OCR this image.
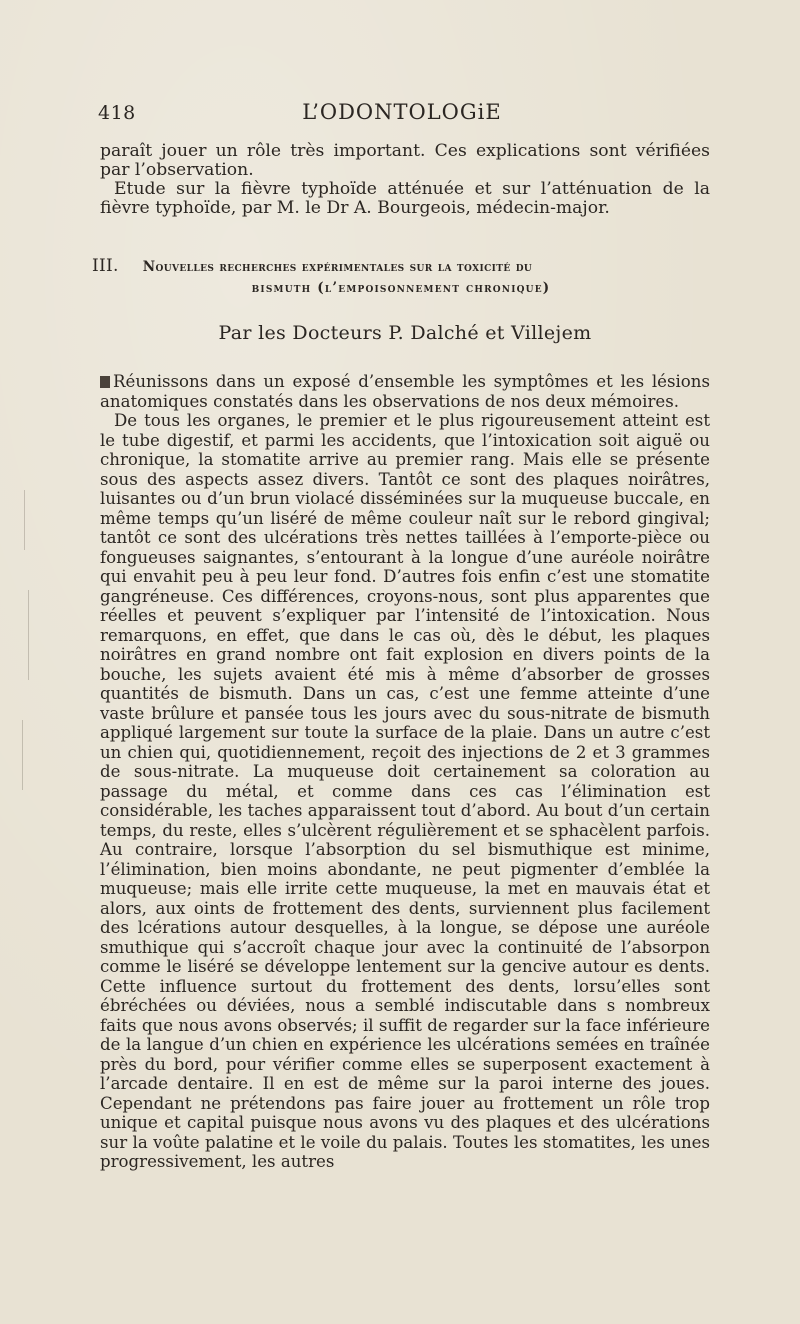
418	L’ODONTOLOGiE

paraît jouer un rôle très important. Ces explications sont vérifiées par l’observation.

Etude sur la fièvre typhoïde atténuée et sur l’atténuation de la fièvre typhoïde, par M. le Dr A. Bourgeois, médecin-major.

III. Nouvelles recherches expérimentales sur la toxicité du
bismuth (l’empoisonnement chronique)
Par les Docteurs P. Dalché et Villejem

Réunissons dans un exposé d’ensemble les symptômes et les lésions anatomiques constatés dans les observations de nos deux mémoires.

De tous les organes, le premier et le plus rigoureusement atteint est le tube digestif, et parmi les accidents, que l’intoxication soit aiguë ou chronique, la stomatite arrive au premier rang. Mais elle se présente sous des aspects assez divers. Tantôt ce sont des plaques noirâtres, luisantes ou d’un brun violacé disséminées sur la muqueuse buccale, en même temps qu’un liséré de même couleur naît sur le rebord gingival; tantôt ce sont des ulcérations très nettes taillées à l’emporte-pièce ou fongueuses saignantes, s’entourant à la longue d’une auréole noirâtre qui envahit peu à peu leur fond. D’autres fois enfin c’est une stomatite gangréneuse. Ces différences, croyons-nous, sont plus apparentes que réelles et peuvent s’expliquer par l’intensité de l’intoxication. Nous remarquons, en effet, que dans le cas où, dès le début, les plaques noirâtres en grand nombre ont fait explosion en divers points de la bouche, les sujets avaient été mis à même d’absorber de grosses quantités de bismuth. Dans un cas, c’est une femme atteinte d’une vaste brûlure et pansée tous les jours avec du sous-nitrate de bismuth appliqué largement sur toute la surface de la plaie. Dans un autre c’est un chien qui, quotidiennement, reçoit des injections de 2 et 3 grammes de sous-nitrate. La muqueuse doit certainement sa coloration au passage du métal, et comme dans ces cas l’élimination est considérable, les taches apparaissent tout d’abord. Au bout d’un certain temps, du reste, elles s’ulcèrent régulièrement et se sphacèlent parfois. Au contraire, lorsque l’absorption du sel bismuthique est minime, l’élimination, bien moins abondante, ne peut pigmenter d’emblée la muqueuse; mais elle irrite cette muqueuse, la met en mauvais état et alors, aux oints de frottement des dents, surviennent plus facilement des lcérations autour desquelles, à la longue, se dépose une auréole smuthique qui s’accroît chaque jour avec la continuité de l’absorpon comme le liséré se développe lentement sur la gencive autour es dents. Cette influence surtout du frottement des dents, lorsu’elles sont ébréchées ou déviées, nous a semblé indiscutable dans s nombreux faits que nous avons observés; il suffit de regarder sur la face inférieure de la langue d’un chien en expérience les ulcérations semées en traînée près du bord, pour vérifier comme elles se superposent exactement à l’arcade dentaire. Il en est de même sur la paroi interne des joues. Cependant ne prétendons pas faire jouer au frottement un rôle trop unique et capital puisque nous avons vu des plaques et des ulcérations sur la voûte palatine et le voile du palais. Toutes les stomatites, les unes progressivement, les autres
